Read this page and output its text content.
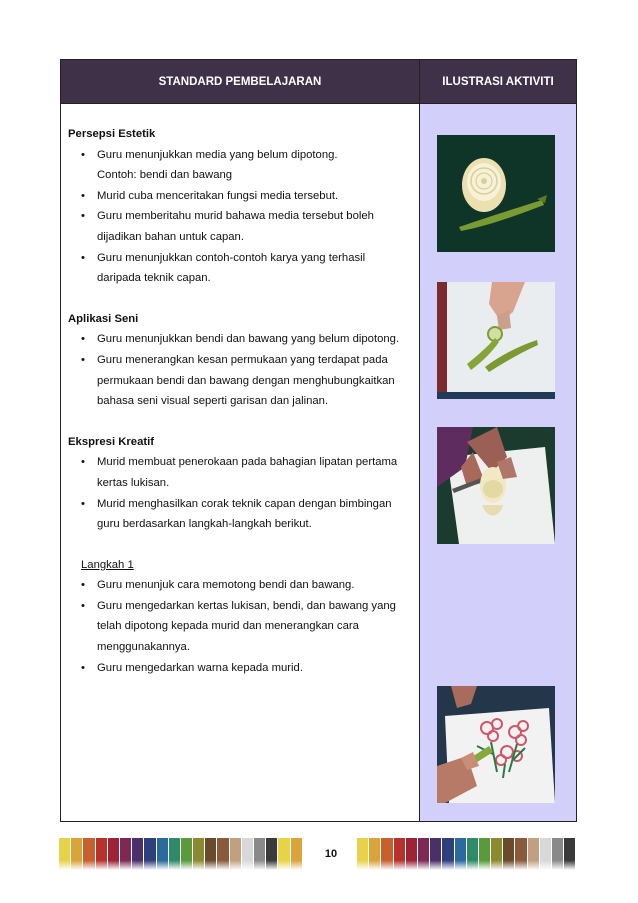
STANDARD PEMBELAJARAN	ILUSTRASI AKTIVITI
Persepsi Estetik
• Guru menunjukkan media yang belum dipotong.
Contoh: bendi dan bawang
• Murid cuba menceritakan fungsi media tersebut.
• Guru memberitahu murid bahawa media tersebut boleh
dijadikan bahan untuk capan.
• Guru menunjukkan contoh-contoh karya yang terhasil
daripada teknik capan.
Aplikasi Seni
• Guru menunjukkan bendi dan bawang yang belum dipotong.
• Guru menerangkan kesan permukaan yang terdapat pada
permukaan bendi dan bawang dengan menghubungkaitkan
bahasa seni visual seperti garisan dan jalinan.
Ekspresi Kreatif
• Murid membuat penerokaan pada bahagian lipatan pertama
kertas lukisan.
• Murid menghasilkan corak teknik capan dengan bimbingan
guru berdasarkan langkah-langkah berikut.
Langkah 1
• Guru menunjuk cara memotong bendi dan bawang.
• Guru mengedarkan kertas lukisan, bendi, dan bawang yang
telah dipotong kepada murid dan menerangkan cara
menggunakannya.
• Guru mengedarkan warna kepada murid.
10
